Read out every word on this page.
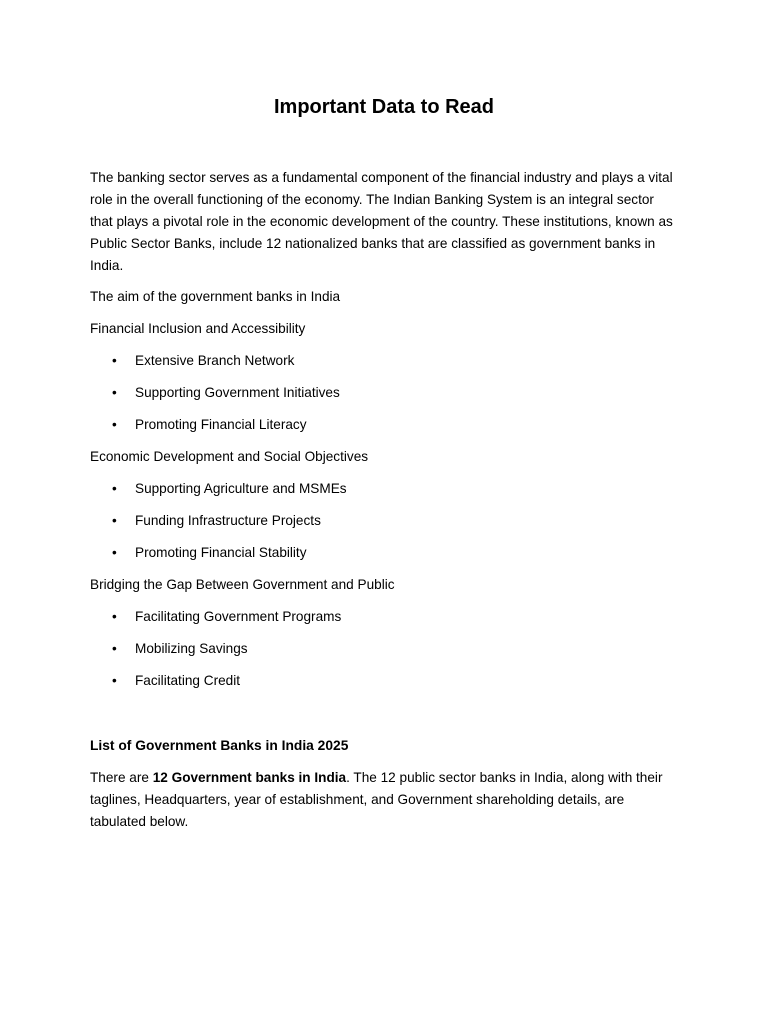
Important Data to Read

The banking sector serves as a fundamental component of the financial industry and plays a vital role in the overall functioning of the economy. The Indian Banking System is an integral sector that plays a pivotal role in the economic development of the country. These institutions, known as Public Sector Banks, include 12 nationalized banks that are classified as government banks in India.

The aim of the government banks in India

Financial Inclusion and Accessibility

• Extensive Branch Network
• Supporting Government Initiatives
• Promoting Financial Literacy

Economic Development and Social Objectives

• Supporting Agriculture and MSMEs
• Funding Infrastructure Projects
• Promoting Financial Stability

Bridging the Gap Between Government and Public

• Facilitating Government Programs
• Mobilizing Savings
• Facilitating Credit
List of Government Banks in India 2025

There are 12 Government banks in India. The 12 public sector banks in India, along with their taglines, Headquarters, year of establishment, and Government shareholding details, are tabulated below.
